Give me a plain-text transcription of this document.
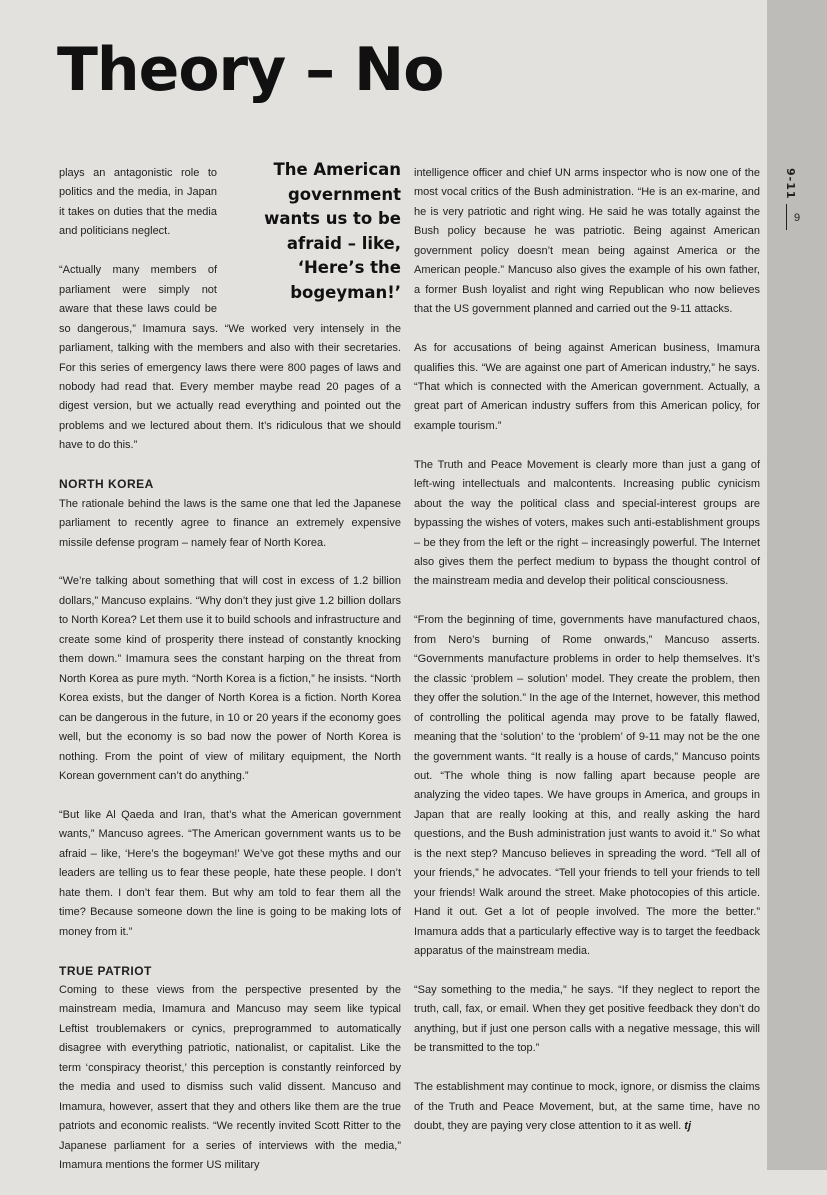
9-11
9
Theory – No
The American government wants us to be afraid – like, ‘Here’s the bogeyman!’

plays an antagonistic role to politics and the media, in Japan it takes on duties that the media and politicians neglect.

“Actually many members of parliament were simply not aware that these laws could be so dangerous,” Imamura says. “We worked very intensely in the parliament, talking with the members and also with their secretaries. For this series of emergency laws there were 800 pages of laws and nobody had read that. Every member maybe read 20 pages of a digest version, but we actually read everything and pointed out the problems and we lectured about them. It’s ridiculous that we should have to do this.”

NORTH KOREA

The rationale behind the laws is the same one that led the Japanese parliament to recently agree to finance an extremely expensive missile defense program – namely fear of North Korea.

“We’re talking about something that will cost in excess of 1.2 billion dollars,” Mancuso explains. “Why don’t they just give 1.2 billion dollars to North Korea? Let them use it to build schools and infrastructure and create some kind of prosperity there instead of constantly knocking them down.” Imamura sees the constant harping on the threat from North Korea as pure myth. “North Korea is a fiction,” he insists. “North Korea exists, but the danger of North Korea is a fiction. North Korea can be dangerous in the future, in 10 or 20 years if the economy goes well, but the economy is so bad now the power of North Korea is nothing. From the point of view of military equipment, the North Korean government can’t do anything.”

“But like Al Qaeda and Iran, that’s what the American government wants,” Mancuso agrees. “The American government wants us to be afraid – like, ‘Here’s the bogeyman!’ We’ve got these myths and our leaders are telling us to fear these people, hate these people. I don’t hate them. I don’t fear them. But why am told to fear them all the time? Because someone down the line is going to be making lots of money from it.”

TRUE PATRIOT

Coming to these views from the perspective presented by the mainstream media, Imamura and Mancuso may seem like typical Leftist troublemakers or cynics, preprogrammed to automatically disagree with everything patriotic, nationalist, or capitalist. Like the term ‘conspiracy theorist,’ this perception is constantly reinforced by the media and used to dismiss such valid dissent. Mancuso and Imamura, however, assert that they and others like them are the true patriots and economic realists. “We recently invited Scott Ritter to the Japanese parliament for a series of interviews with the media,” Imamura mentions the former US military

intelligence officer and chief UN arms inspector who is now one of the most vocal critics of the Bush administration. “He is an ex-marine, and he is very patriotic and right wing. He said he was totally against the Bush policy because he was patriotic. Being against American government policy doesn’t mean being against America or the American people.” Mancuso also gives the example of his own father, a former Bush loyalist and right wing Republican who now believes that the US government planned and carried out the 9-11 attacks.

As for accusations of being against American business, Imamura qualifies this. “We are against one part of American industry,” he says. “That which is connected with the American government. Actually, a great part of American industry suffers from this American policy, for example tourism.”

The Truth and Peace Movement is clearly more than just a gang of left-wing intellectuals and malcontents. Increasing public cynicism about the way the political class and special-interest groups are bypassing the wishes of voters, makes such anti-establishment groups – be they from the left or the right – increasingly powerful. The Internet also gives them the perfect medium to bypass the thought control of the mainstream media and develop their political consciousness.

“From the beginning of time, governments have manufactured chaos, from Nero’s burning of Rome onwards,” Mancuso asserts. “Governments manufacture problems in order to help themselves. It’s the classic ‘problem – solution’ model. They create the problem, then they offer the solution.” In the age of the Internet, however, this method of controlling the political agenda may prove to be fatally flawed, meaning that the ‘solution’ to the ‘problem’ of 9-11 may not be the one the government wants. “It really is a house of cards,” Mancuso points out. “The whole thing is now falling apart because people are analyzing the video tapes. We have groups in America, and groups in Japan that are really looking at this, and really asking the hard questions, and the Bush administration just wants to avoid it.” So what is the next step? Mancuso believes in spreading the word. “Tell all of your friends,” he advocates. “Tell your friends to tell your friends to tell your friends! Walk around the street. Make photocopies of this article. Hand it out. Get a lot of people involved. The more the better.” Imamura adds that a particularly effective way is to target the feedback apparatus of the mainstream media.

“Say something to the media,” he says. “If they neglect to report the truth, call, fax, or email. When they get positive feedback they don’t do anything, but if just one person calls with a negative message, this will be transmitted to the top.”

The establishment may continue to mock, ignore, or dismiss the claims of the Truth and Peace Movement, but, at the same time, have no doubt, they are paying very close attention to it as well. tj
